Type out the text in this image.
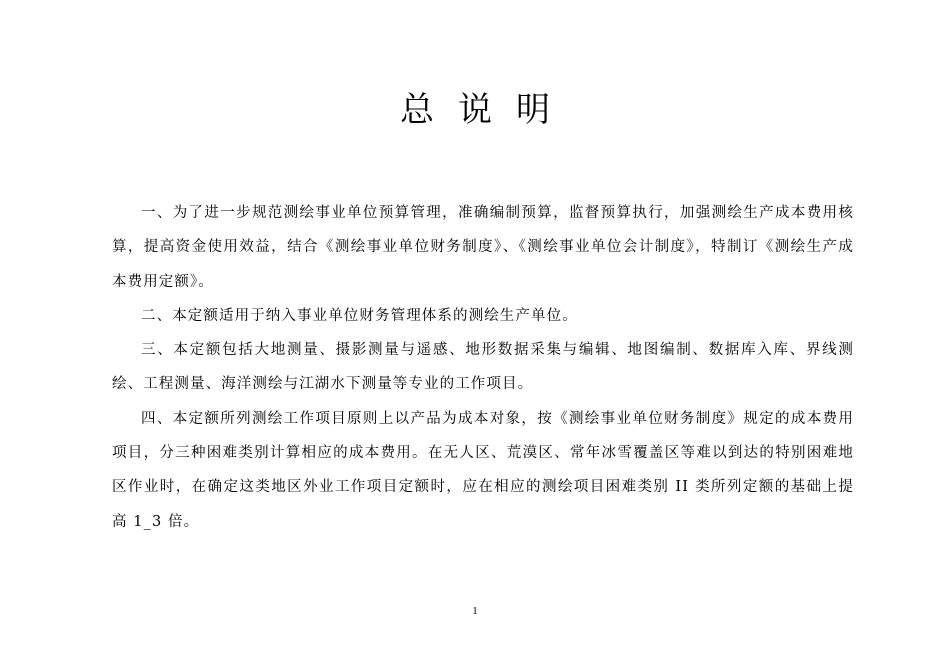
总说明

一、为了进一步规范测绘事业单位预算管理，准确编制预算，监督预算执行，加强测绘生产成本费用核算，提高资金使用效益，结合《测绘事业单位财务制度》、《测绘事业单位会计制度》，特制订《测绘生产成本费用定额》。

二、本定额适用于纳入事业单位财务管理体系的测绘生产单位。

三、本定额包括大地测量、摄影测量与遥感、地形数据采集与编辑、地图编制、数据库入库、界线测绘、工程测量、海洋测绘与江湖水下测量等专业的工作项目。

四、本定额所列测绘工作项目原则上以产品为成本对象，按《测绘事业单位财务制度》规定的成本费用项目，分三种困难类别计算相应的成本费用。在无人区、荒漠区、常年冰雪覆盖区等难以到达的特别困难地区作业时，在确定这类地区外业工作项目定额时，应在相应的测绘项目困难类别 II 类所列定额的基础上提高 1_3 倍。

1
